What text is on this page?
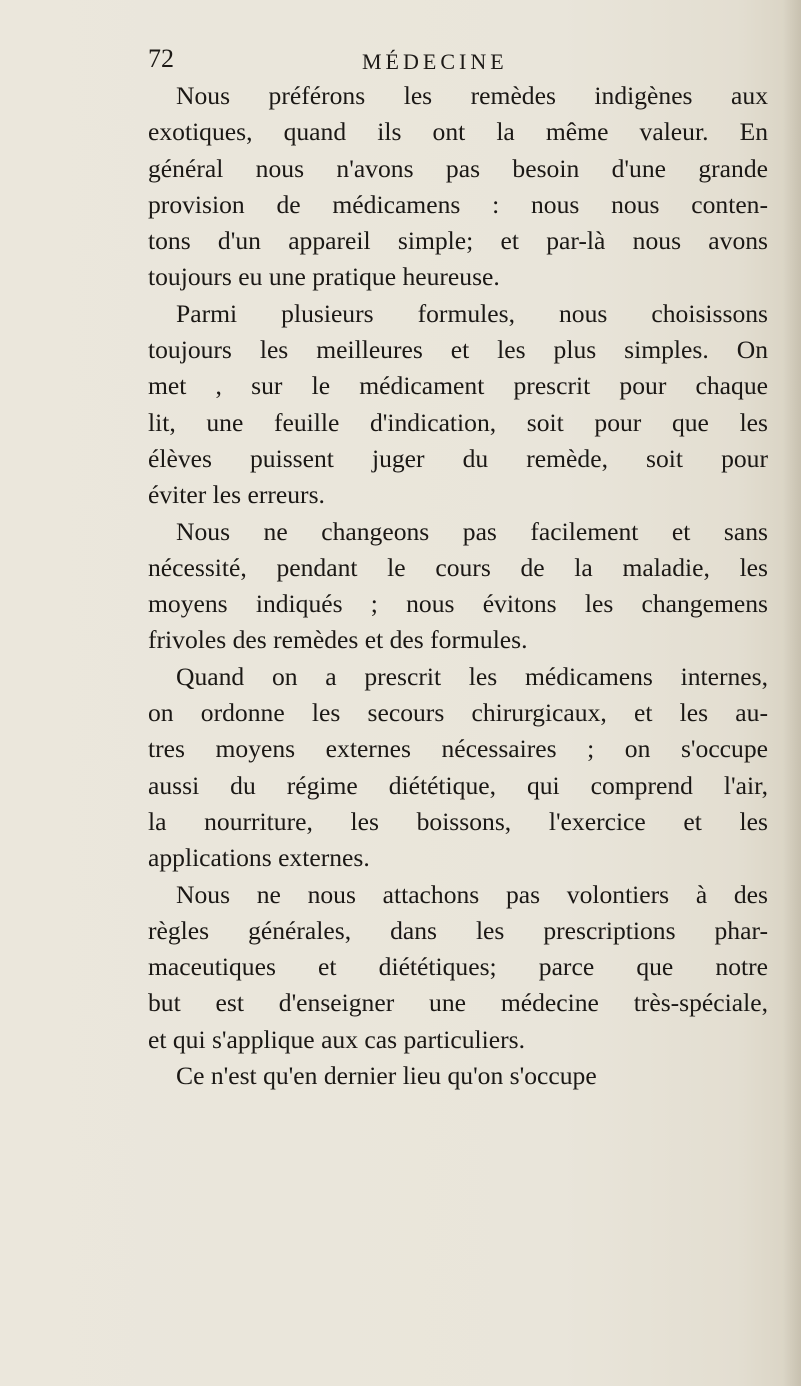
72	MÉDECINE
Nous préférons les remèdes indigènes aux
exotiques, quand ils ont la même valeur. En
général nous n'avons pas besoin d'une grande
provision de médicamens : nous nous conten-
tons d'un appareil simple; et par-là nous avons
toujours eu une pratique heureuse.
Parmi plusieurs formules, nous choisissons
toujours les meilleures et les plus simples. On
met , sur le médicament prescrit pour chaque
lit, une feuille d'indication, soit pour que les
élèves puissent juger du remède, soit pour
éviter les erreurs.
Nous ne changeons pas facilement et sans
nécessité, pendant le cours de la maladie, les
moyens indiqués ; nous évitons les changemens
frivoles des remèdes et des formules.
Quand on a prescrit les médicamens internes,
on ordonne les secours chirurgicaux, et les au-
tres moyens externes nécessaires ; on s'occupe
aussi du régime diététique, qui comprend l'air,
la nourriture, les boissons, l'exercice et les
applications externes.
Nous ne nous attachons pas volontiers à des
règles générales, dans les prescriptions phar-
maceutiques et diététiques; parce que notre
but est d'enseigner une médecine très-spéciale,
et qui s'applique aux cas particuliers.
Ce n'est qu'en dernier lieu qu'on s'occupe
